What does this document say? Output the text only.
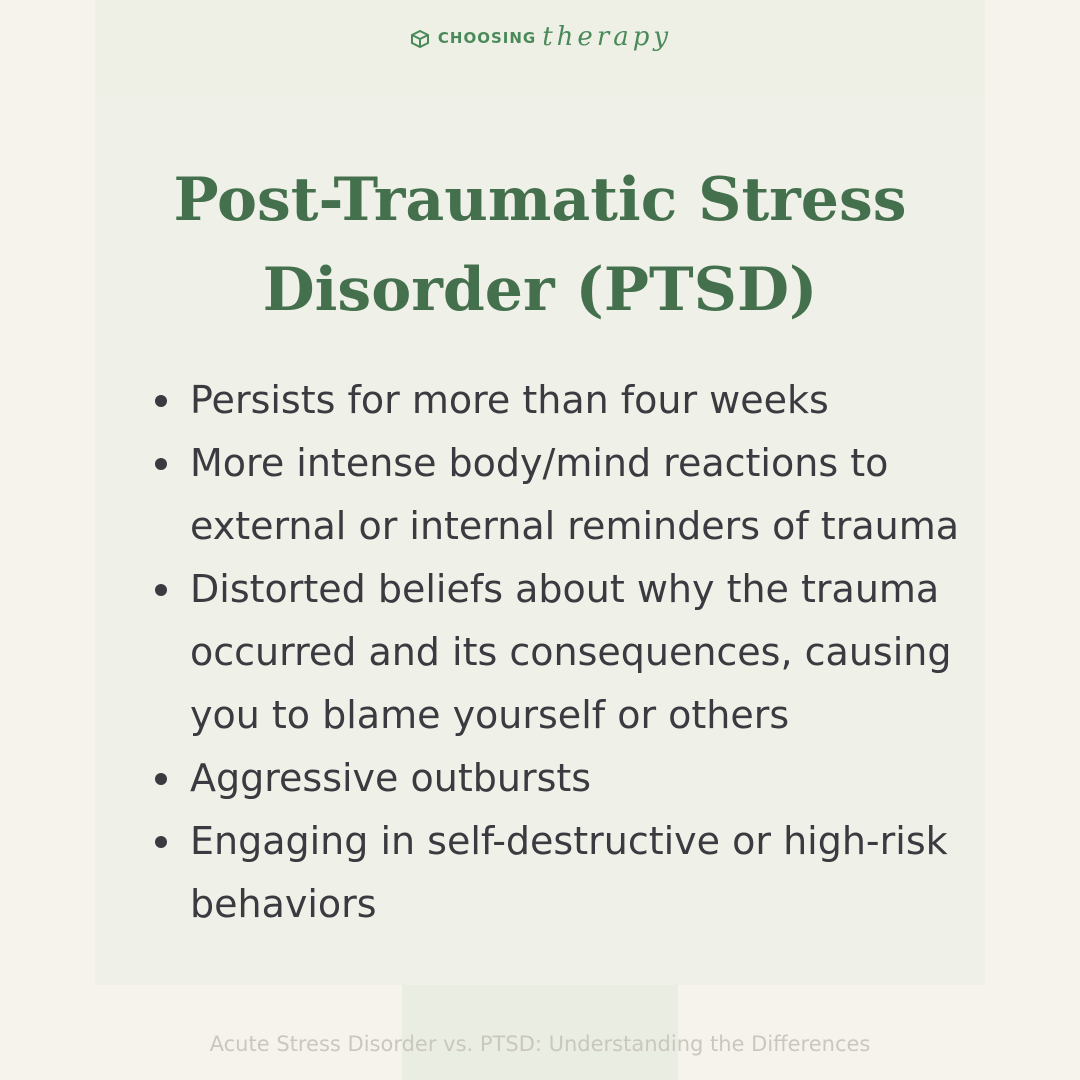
CHOOSING therapy
Post-Traumatic Stress
Disorder (PTSD)
Persists for more than four weeks
More intense body/mind reactions to
external or internal reminders of trauma
Distorted beliefs about why the trauma
occurred and its consequences, causing
you to blame yourself or others
Aggressive outbursts
Engaging in self-destructive or high-risk
behaviors
Acute Stress Disorder vs. PTSD: Understanding the Differences
